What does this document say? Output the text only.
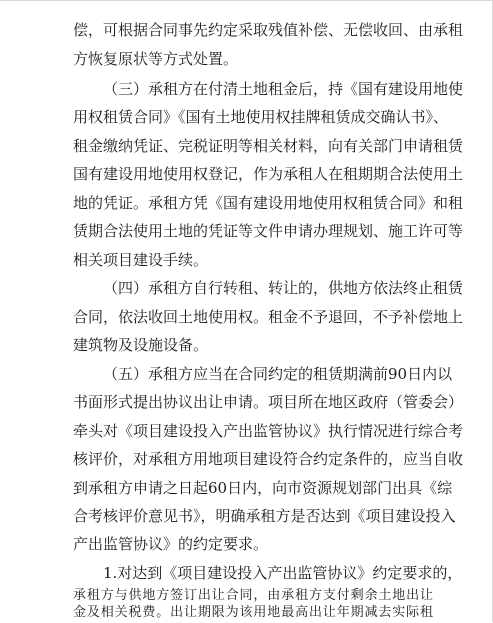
偿，可根据合同事先约定采取残值补偿、无偿收回、由承租
方恢复原状等方式处置。
（三）承租方在付清土地租金后，持《国有建设用地使
用权租赁合同》《国有土地使用权挂牌租赁成交确认书》、
租金缴纳凭证、完税证明等相关材料，向有关部门申请租赁
国有建设用地使用权登记，作为承租人在租期期合法使用土
地的凭证。承租方凭《国有建设用地使用权租赁合同》和租
赁期合法使用土地的凭证等文件申请办理规划、施工许可等
相关项目建设手续。
（四）承租方自行转租、转让的，供地方依法终止租赁
合同，依法收回土地使用权。租金不予退回，不予补偿地上
建筑物及设施设备。
（五）承租方应当在合同约定的租赁期满前90日内以
书面形式提出协议出让申请。项目所在地区政府（管委会）
牵头对《项目建设投入产出监管协议》执行情况进行综合考
核评价，对承租方用地项目建设符合约定条件的，应当自收
到承租方申请之日起60日内，向市资源规划部门出具《综
合考核评价意见书》，明确承租方是否达到《项目建设投入
产出监管协议》的约定要求。
1.对达到《项目建设投入产出监管协议》约定要求的，
承租方与供地方签订出让合同，由承租方支付剩余土地出让
金及相关税费。出让期限为该用地最高出让年期减去实际租
